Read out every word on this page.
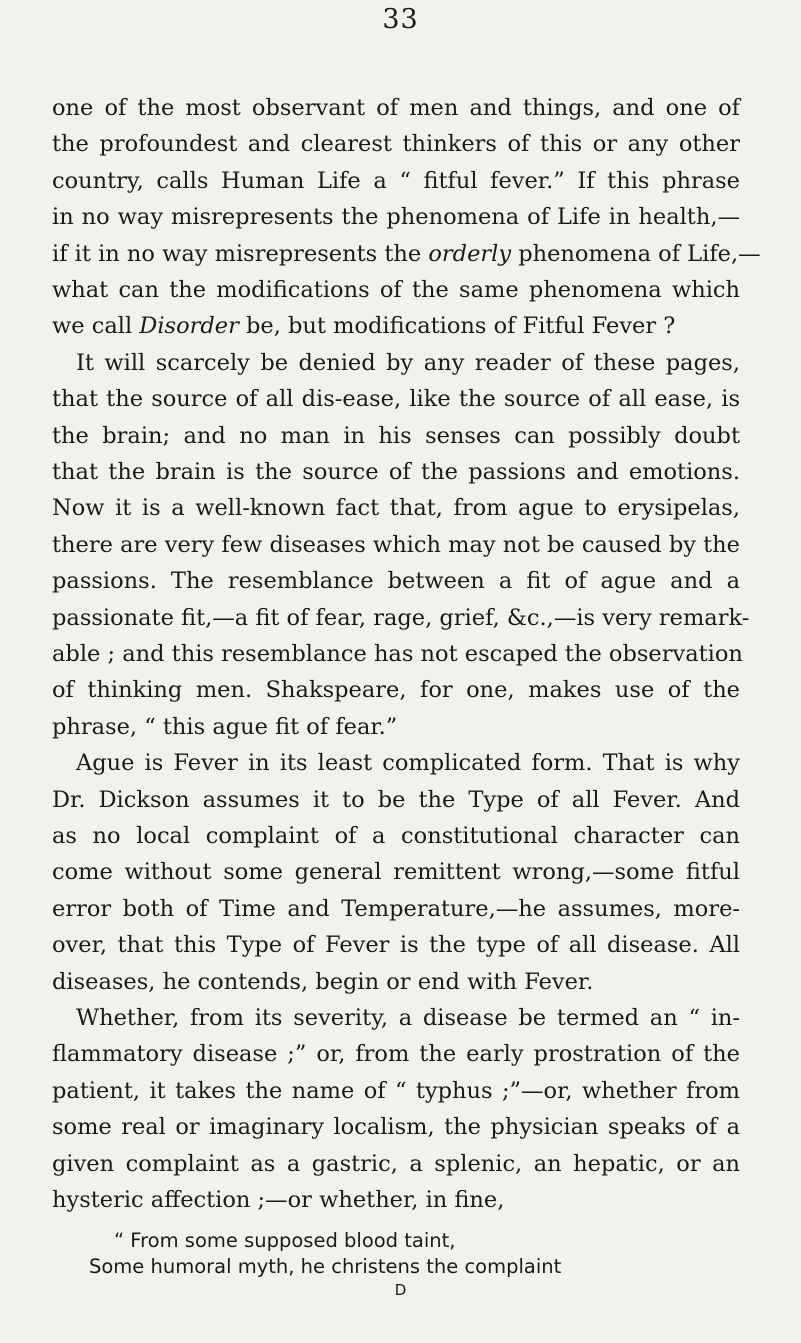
33
one of the most observant of men and things, and one of
the profoundest and clearest thinkers of this or any other
country, calls Human Life a “ fitful fever.” If this phrase
in no way misrepresents the phenomena of Life in health,—
if it in no way misrepresents the orderly phenomena of Life,—
what can the modifications of the same phenomena which
we call Disorder be, but modifications of Fitful Fever ?
It will scarcely be denied by any reader of these pages,
that the source of all dis-ease, like the source of all ease, is
the brain; and no man in his senses can possibly doubt
that the brain is the source of the passions and emotions.
Now it is a well-known fact that, from ague to erysipelas,
there are very few diseases which may not be caused by the
passions. The resemblance between a fit of ague and a
passionate fit,—a fit of fear, rage, grief, &c.,—is very remark-
able ; and this resemblance has not escaped the observation
of thinking men. Shakspeare, for one, makes use of the
phrase, “ this ague fit of fear.”
Ague is Fever in its least complicated form. That is why
Dr. Dickson assumes it to be the Type of all Fever. And
as no local complaint of a constitutional character can
come without some general remittent wrong,—some fitful
error both of Time and Temperature,—he assumes, more-
over, that this Type of Fever is the type of all disease. All
diseases, he contends, begin or end with Fever.
Whether, from its severity, a disease be termed an “ in-
flammatory disease ;” or, from the early prostration of the
patient, it takes the name of “ typhus ;”—or, whether from
some real or imaginary localism, the physician speaks of a
given complaint as a gastric, a splenic, an hepatic, or an
hysteric affection ;—or whether, in fine,
“ From some supposed blood taint,
Some humoral myth, he christens the complaint
D
